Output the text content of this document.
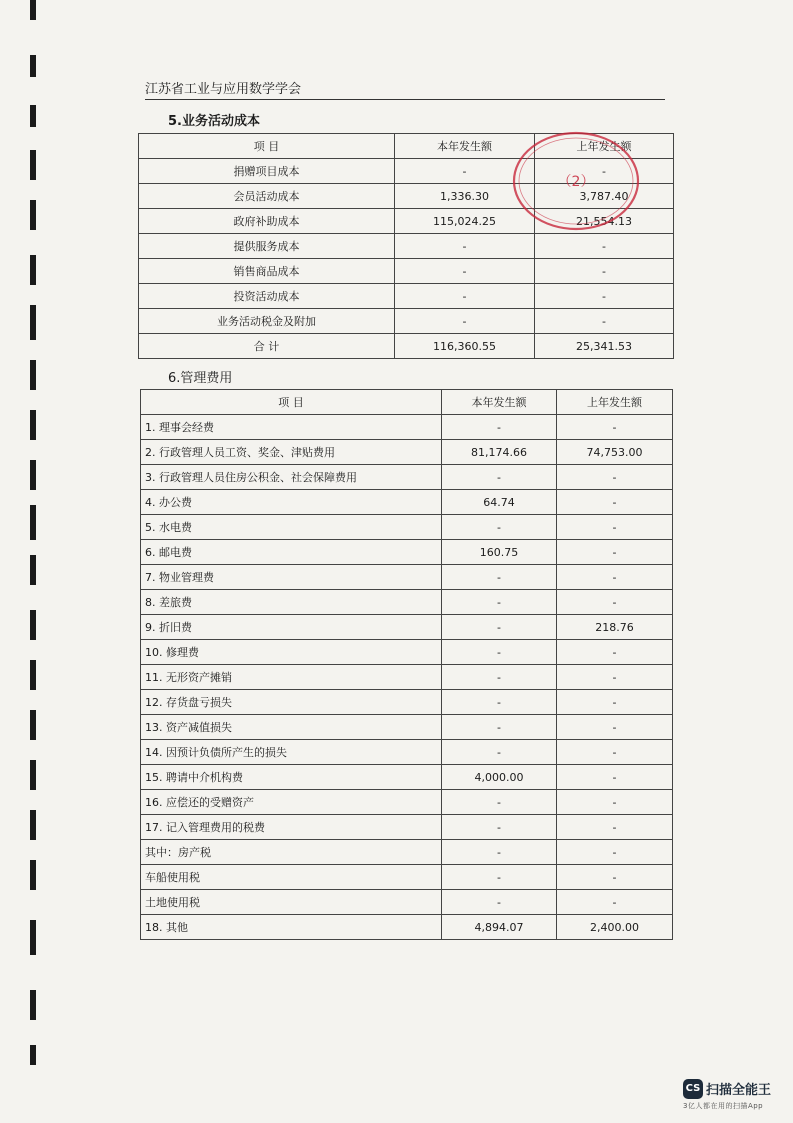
江苏省工业与应用数学学会
5.业务活动成本
项 目	本年发生额	上年发生额
捐赠项目成本	-	-
会员活动成本	1,336.30	3,787.40
政府补助成本	115,024.25	21,554.13
提供服务成本	-	-
销售商品成本	-	-
投资活动成本	-	-
业务活动税金及附加	-	-
合 计	116,360.55	25,341.53
6.管理费用
项 目	本年发生额	上年发生额
1. 理事会经费	-	-
2. 行政管理人员工资、奖金、津贴费用	81,174.66	74,753.00
3. 行政管理人员住房公积金、社会保障费用	-	-
4. 办公费	64.74	-
5. 水电费	-	-
6. 邮电费	160.75	-
7. 物业管理费	-	-
8. 差旅费	-	-
9. 折旧费	-	218.76
10. 修理费	-	-
11. 无形资产摊销	-	-
12. 存货盘亏损失	-	-
13. 资产减值损失	-	-
14. 因预计负债所产生的损失	-	-
15. 聘请中介机构费	4,000.00	-
16. 应偿还的受赠资产	-	-
17. 记入管理费用的税费	-	-
其中：房产税	-	-
车船使用税	-	-
土地使用税	-	-
18. 其他	4,894.07	2,400.00
（2）
CS 扫描全能王
3亿人都在用的扫描App
